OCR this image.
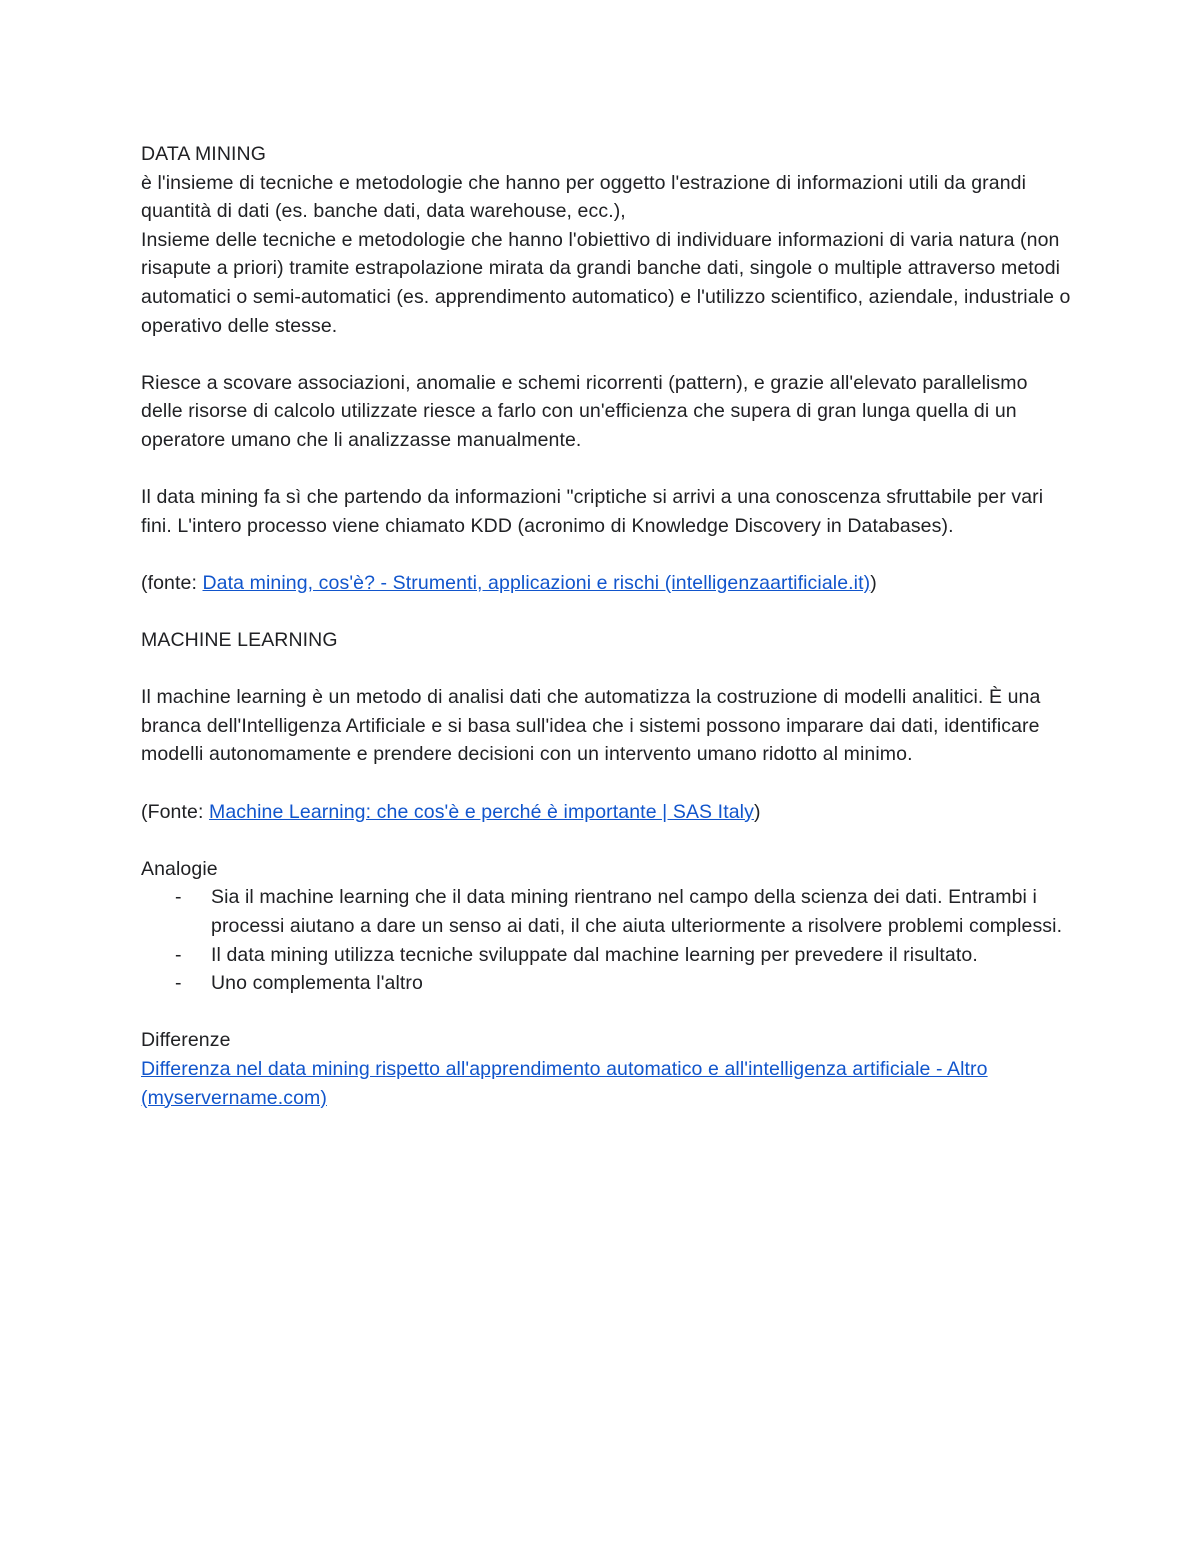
DATA MINING

è l'insieme di tecniche e metodologie che hanno per oggetto l'estrazione di informazioni utili da grandi quantità di dati (es. banche dati, data warehouse, ecc.),

Insieme delle tecniche e metodologie che hanno l'obiettivo di individuare informazioni di varia natura (non risapute a priori) tramite estrapolazione mirata da grandi banche dati, singole o multiple attraverso metodi automatici o semi-automatici (es. apprendimento automatico) e l'utilizzo scientifico, aziendale, industriale o operativo delle stesse.

Riesce a scovare associazioni, anomalie e schemi ricorrenti (pattern), e grazie all'elevato parallelismo delle risorse di calcolo utilizzate riesce a farlo con un'efficienza che supera di gran lunga quella di un operatore umano che li analizzasse manualmente.

Il data mining fa sì che partendo da informazioni "criptiche si arrivi a una conoscenza sfruttabile per vari fini. L'intero processo viene chiamato KDD (acronimo di Knowledge Discovery in Databases).

(fonte: Data mining, cos'è? - Strumenti, applicazioni e rischi (intelligenzaartificiale.it))

MACHINE LEARNING

Il machine learning è un metodo di analisi dati che automatizza la costruzione di modelli analitici. È una branca dell'Intelligenza Artificiale e si basa sull'idea che i sistemi possono imparare dai dati, identificare modelli autonomamente e prendere decisioni con un intervento umano ridotto al minimo.

(Fonte: Machine Learning: che cos'è e perché è importante | SAS Italy)

Analogie

- Sia il machine learning che il data mining rientrano nel campo della scienza dei dati. Entrambi i processi aiutano a dare un senso ai dati, il che aiuta ulteriormente a risolvere problemi complessi.
- Il data mining utilizza tecniche sviluppate dal machine learning per prevedere il risultato.
- Uno complementa l'altro

Differenze

Differenza nel data mining rispetto all'apprendimento automatico e all'intelligenza artificiale - Altro (myservername.com)
